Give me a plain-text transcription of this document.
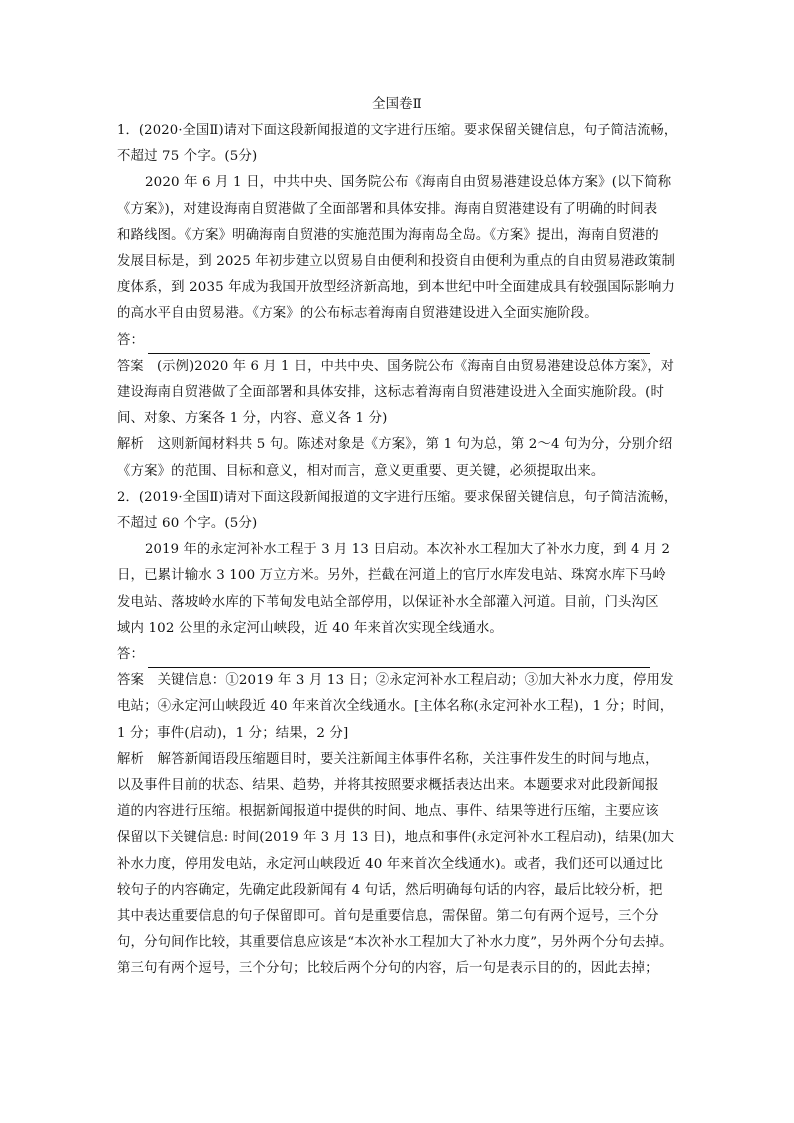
全国卷Ⅱ

1．(2020·全国Ⅱ)请对下面这段新闻报道的文字进行压缩。要求保留关键信息，句子简洁流畅，
不超过 75 个字。(5分)

2020 年 6 月 1 日，中共中央、国务院公布《海南自由贸易港建设总体方案》(以下简称
《方案》)，对建设海南自贸港做了全面部署和具体安排。海南自贸港建设有了明确的时间表
和路线图。《方案》明确海南自贸港的实施范围为海南岛全岛。《方案》提出，海南自贸港的
发展目标是，到 2025 年初步建立以贸易自由便利和投资自由便利为重点的自由贸易港政策制
度体系，到 2035 年成为我国开放型经济新高地，到本世纪中叶全面建成具有较强国际影响力
的高水平自由贸易港。《方案》的公布标志着海南自贸港建设进入全面实施阶段。

答：

答案　(示例)2020 年 6 月 1 日，中共中央、国务院公布《海南自由贸易港建设总体方案》，对
建设海南自贸港做了全面部署和具体安排，这标志着海南自贸港建设进入全面实施阶段。(时
间、对象、方案各 1 分，内容、意义各 1 分)

解析　这则新闻材料共 5 句。陈述对象是《方案》，第 1 句为总，第 2～4 句为分，分别介绍
《方案》的范围、目标和意义，相对而言，意义更重要、更关键，必须提取出来。

2．(2019·全国Ⅱ)请对下面这段新闻报道的文字进行压缩。要求保留关键信息，句子简洁流畅，
不超过 60 个字。(5分)

2019 年的永定河补水工程于 3 月 13 日启动。本次补水工程加大了补水力度，到 4 月 2
日，已累计输水 3 100 万立方米。另外，拦截在河道上的官厅水库发电站、珠窝水库下马岭
发电站、落坡岭水库的下苇甸发电站全部停用，以保证补水全部灌入河道。目前，门头沟区
域内 102 公里的永定河山峡段，近 40 年来首次实现全线通水。

答：

答案　关键信息：①2019 年 3 月 13 日；②永定河补水工程启动；③加大补水力度，停用发
电站；④永定河山峡段近 40 年来首次全线通水。[主体名称(永定河补水工程)，1 分；时间，
1 分；事件(启动)，1 分；结果，2 分]

解析　解答新闻语段压缩题目时，要关注新闻主体事件名称，关注事件发生的时间与地点，
以及事件目前的状态、结果、趋势，并将其按照要求概括表达出来。本题要求对此段新闻报
道的内容进行压缩。根据新闻报道中提供的时间、地点、事件、结果等进行压缩，主要应该
保留以下关键信息: 时间(2019 年 3 月 13 日)，地点和事件(永定河补水工程启动)，结果(加大
补水力度，停用发电站，永定河山峡段近 40 年来首次全线通水)。或者，我们还可以通过比
较句子的内容确定，先确定此段新闻有 4 句话，然后明确每句话的内容，最后比较分析，把
其中表达重要信息的句子保留即可。首句是重要信息，需保留。第二句有两个逗号，三个分
句，分句间作比较，其重要信息应该是“本次补水工程加大了补水力度”，另外两个分句去掉。
第三句有两个逗号，三个分句；比较后两个分句的内容，后一句是表示目的的，因此去掉；
